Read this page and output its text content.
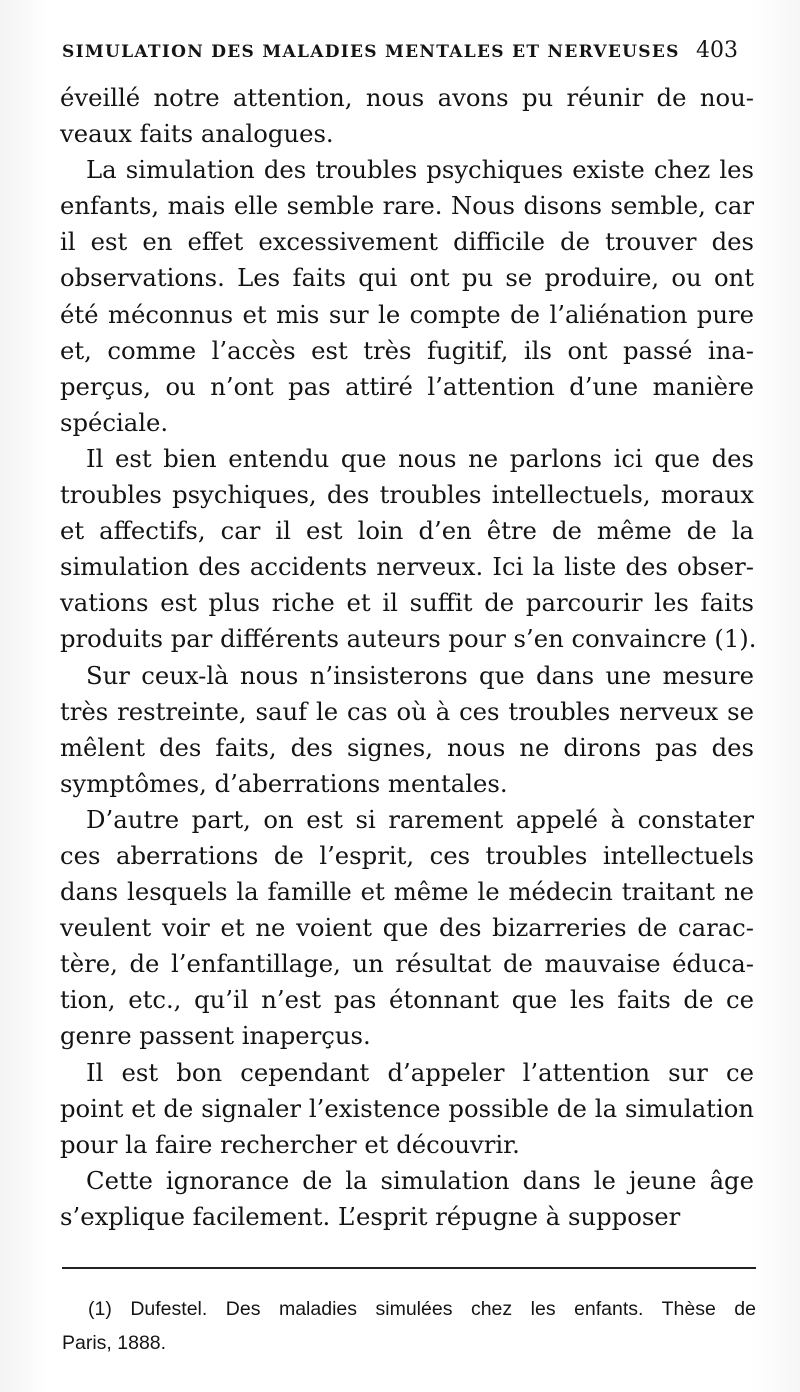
SIMULATION DES MALADIES MENTALES ET NERVEUSES 403

éveillé notre attention, nous avons pu réunir de nou-
veaux faits analogues.

La simulation des troubles psychiques existe chez les
enfants, mais elle semble rare. Nous disons semble, car
il est en effet excessivement difficile de trouver des
observations. Les faits qui ont pu se produire, ou ont
été méconnus et mis sur le compte de l’aliénation pure
et, comme l’accès est très fugitif, ils ont passé ina-
perçus, ou n’ont pas attiré l’attention d’une manière
spéciale.

Il est bien entendu que nous ne parlons ici que des
troubles psychiques, des troubles intellectuels, moraux
et affectifs, car il est loin d’en être de même de la
simulation des accidents nerveux. Ici la liste des obser-
vations est plus riche et il suffit de parcourir les faits
produits par différents auteurs pour s’en convaincre (1).

Sur ceux-là nous n’insisterons que dans une mesure
très restreinte, sauf le cas où à ces troubles nerveux se
mêlent des faits, des signes, nous ne dirons pas des
symptômes, d’aberrations mentales.

D’autre part, on est si rarement appelé à constater
ces aberrations de l’esprit, ces troubles intellectuels
dans lesquels la famille et même le médecin traitant ne
veulent voir et ne voient que des bizarreries de carac-
tère, de l’enfantillage, un résultat de mauvaise éduca-
tion, etc., qu’il n’est pas étonnant que les faits de ce
genre passent inaperçus.

Il est bon cependant d’appeler l’attention sur ce
point et de signaler l’existence possible de la simulation
pour la faire rechercher et découvrir.

Cette ignorance de la simulation dans le jeune âge
s’explique facilement. L’esprit répugne à supposer

(1) Dufestel. Des maladies simulées chez les enfants. Thèse de
Paris, 1888.
